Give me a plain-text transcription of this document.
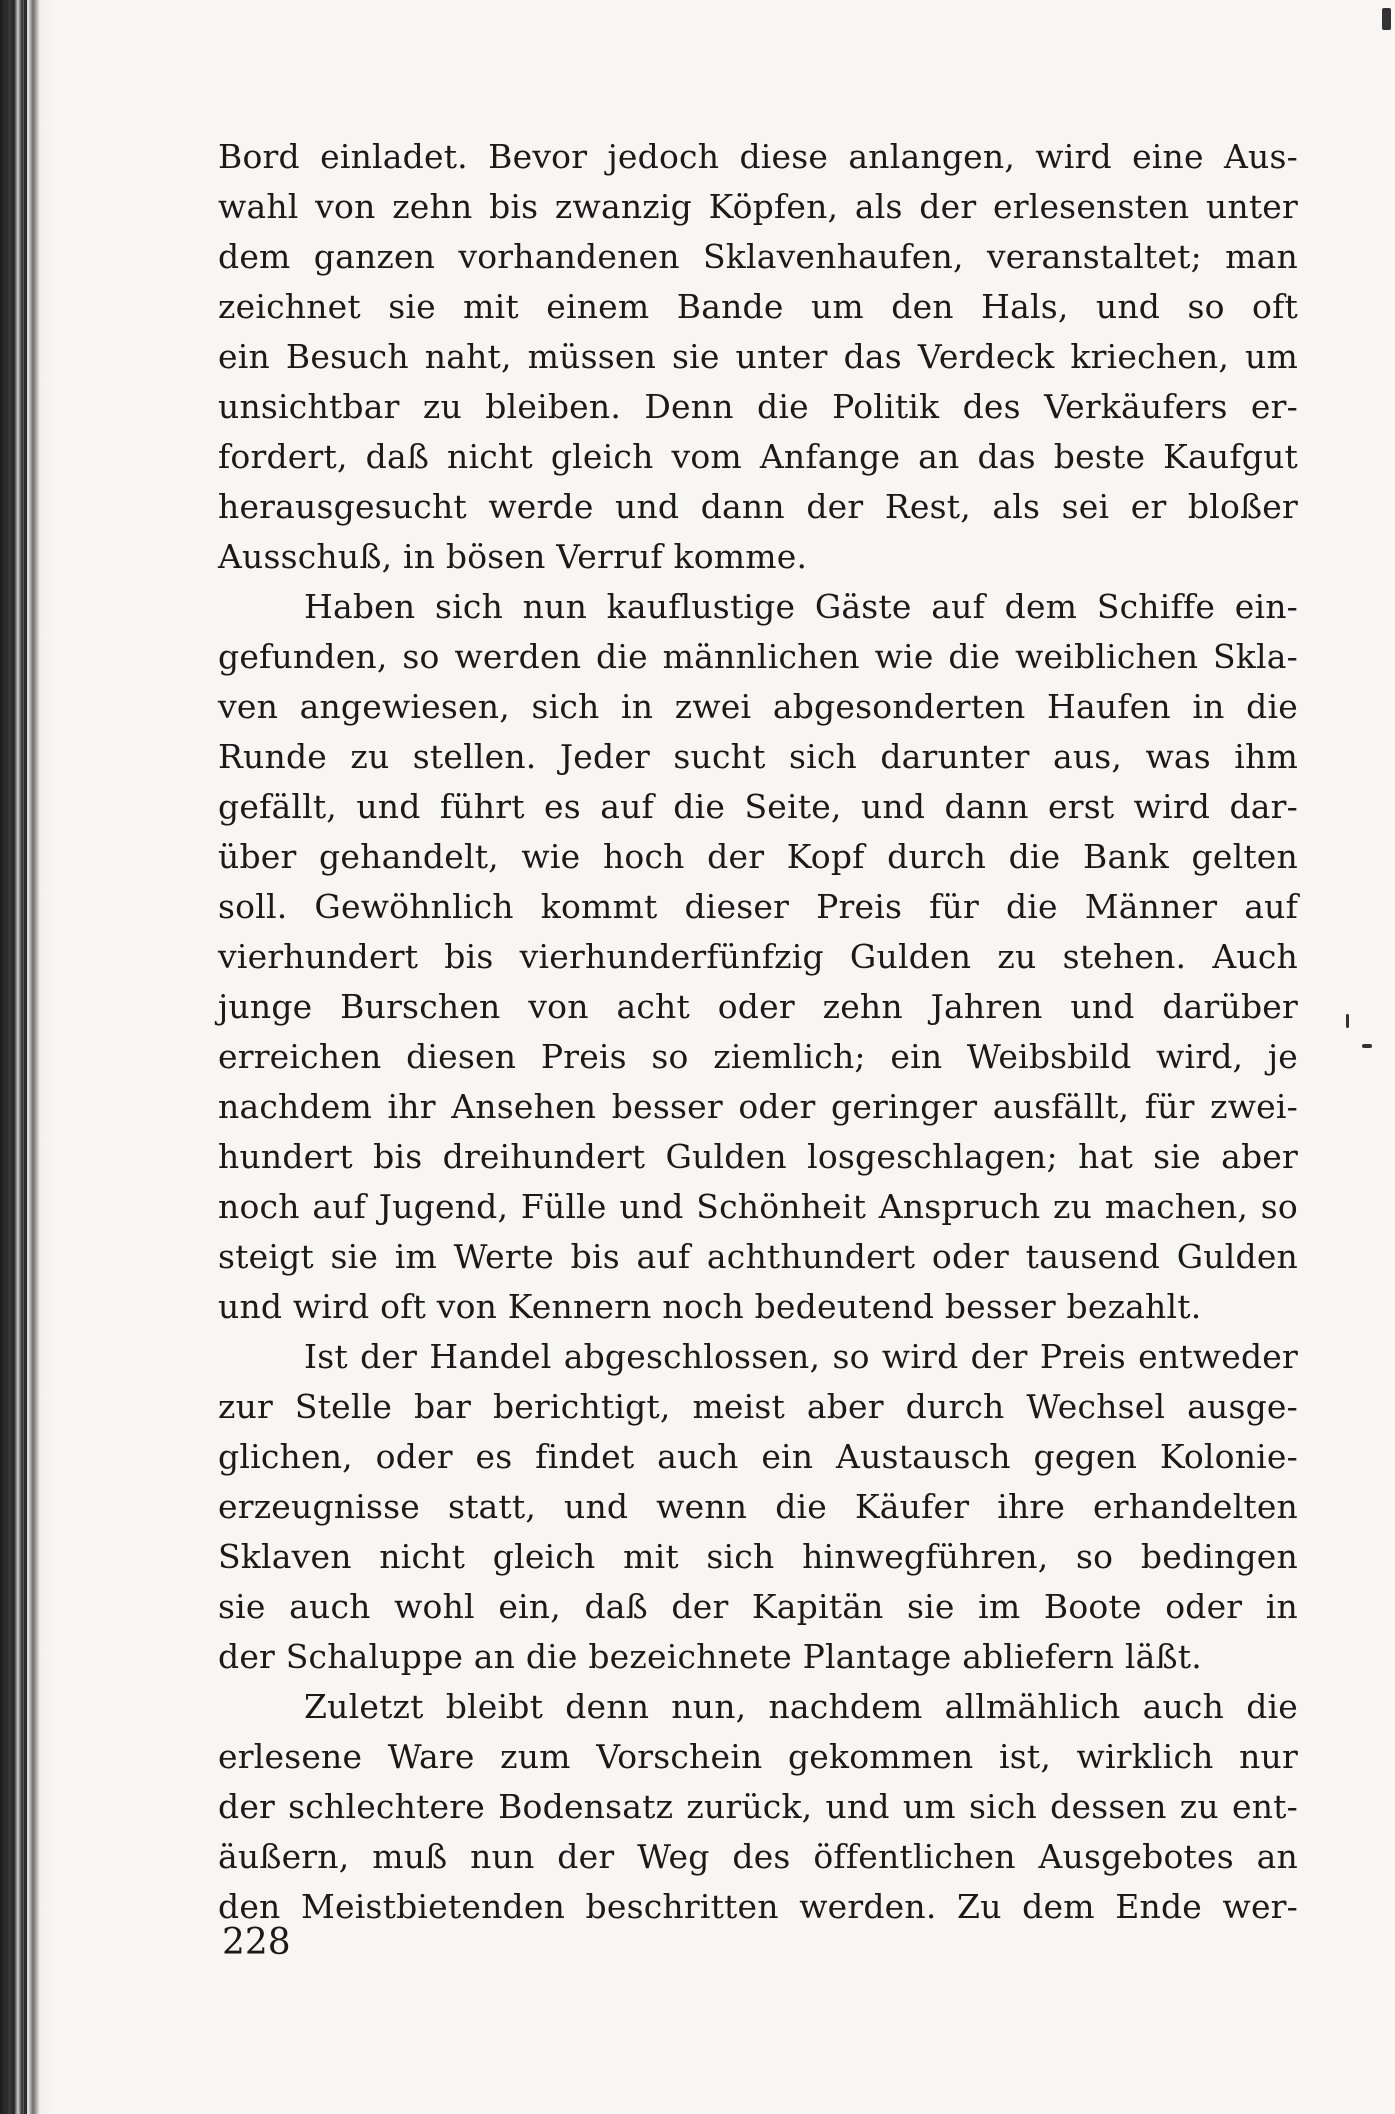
Bord einladet. Bevor jedoch diese anlangen, wird eine Aus-
wahl von zehn bis zwanzig Köpfen, als der erlesensten unter
dem ganzen vorhandenen Sklavenhaufen, veranstaltet; man
zeichnet sie mit einem Bande um den Hals, und so oft
ein Besuch naht, müssen sie unter das Verdeck kriechen, um
unsichtbar zu bleiben. Denn die Politik des Verkäufers er-
fordert, daß nicht gleich vom Anfange an das beste Kaufgut
herausgesucht werde und dann der Rest, als sei er bloßer
Ausschuß, in bösen Verruf komme.
Haben sich nun kauflustige Gäste auf dem Schiffe ein-
gefunden, so werden die männlichen wie die weiblichen Skla-
ven angewiesen, sich in zwei abgesonderten Haufen in die
Runde zu stellen. Jeder sucht sich darunter aus, was ihm
gefällt, und führt es auf die Seite, und dann erst wird dar-
über gehandelt, wie hoch der Kopf durch die Bank gelten
soll. Gewöhnlich kommt dieser Preis für die Männer auf
vierhundert bis vierhunderfünfzig Gulden zu stehen. Auch
junge Burschen von acht oder zehn Jahren und darüber
erreichen diesen Preis so ziemlich; ein Weibsbild wird, je
nachdem ihr Ansehen besser oder geringer ausfällt, für zwei-
hundert bis dreihundert Gulden losgeschlagen; hat sie aber
noch auf Jugend, Fülle und Schönheit Anspruch zu machen, so
steigt sie im Werte bis auf achthundert oder tausend Gulden
und wird oft von Kennern noch bedeutend besser bezahlt.
Ist der Handel abgeschlossen, so wird der Preis entweder
zur Stelle bar berichtigt, meist aber durch Wechsel ausge-
glichen, oder es findet auch ein Austausch gegen Kolonie-
erzeugnisse statt, und wenn die Käufer ihre erhandelten
Sklaven nicht gleich mit sich hinwegführen, so bedingen
sie auch wohl ein, daß der Kapitän sie im Boote oder in
der Schaluppe an die bezeichnete Plantage abliefern läßt.
Zuletzt bleibt denn nun, nachdem allmählich auch die
erlesene Ware zum Vorschein gekommen ist, wirklich nur
der schlechtere Bodensatz zurück, und um sich dessen zu ent-
äußern, muß nun der Weg des öffentlichen Ausgebotes an
den Meistbietenden beschritten werden. Zu dem Ende wer-
228
